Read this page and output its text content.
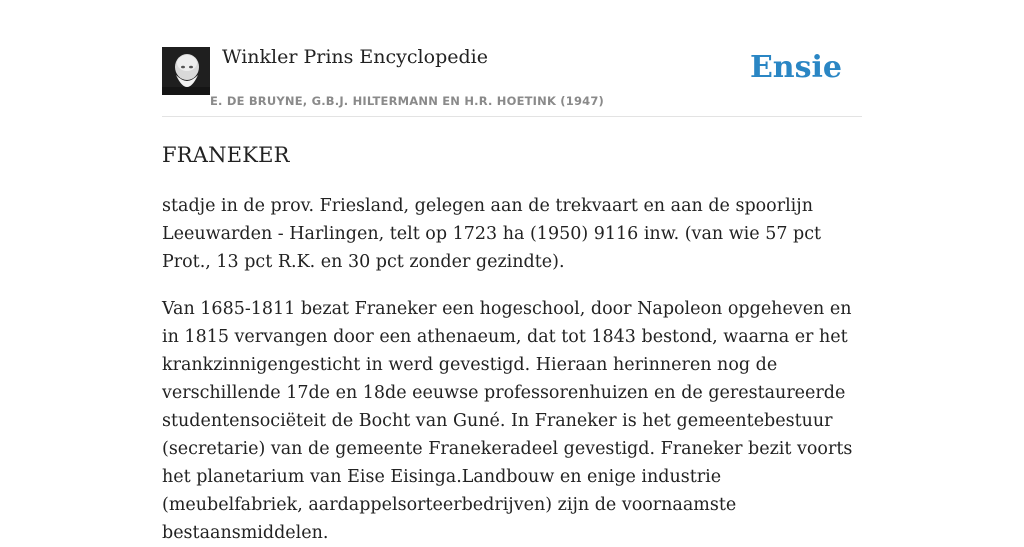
Winkler Prins Encyclopedie
E. DE BRUYNE, G.B.J. HILTERMANN EN H.R. HOETINK (1947)
Ensie
FRANEKER

stadje in de prov. Friesland, gelegen aan de trekvaart en aan de spoorlijn Leeuwarden - Harlingen, telt op 1723 ha (1950) 9116 inw. (van wie 57 pct Prot., 13 pct R.K. en 30 pct zonder gezindte).

Van 1685-1811 bezat Franeker een hogeschool, door Napoleon opgeheven en in 1815 vervangen door een athenaeum, dat tot 1843 bestond, waarna er het krankzinnigengesticht in werd gevestigd. Hieraan herinneren nog de verschillende 17de en 18de eeuwse professorenhuizen en de gerestaureerde studentensociëteit de Bocht van Guné. In Franeker is het gemeentebestuur (secretarie) van de gemeente Franekeradeel gevestigd. Franeker bezit voorts het planetarium van Eise Eisinga.Landbouw en enige industrie (meubelfabriek, aardappelsorteerbedrijven) zijn de voornaamste bestaansmiddelen.
